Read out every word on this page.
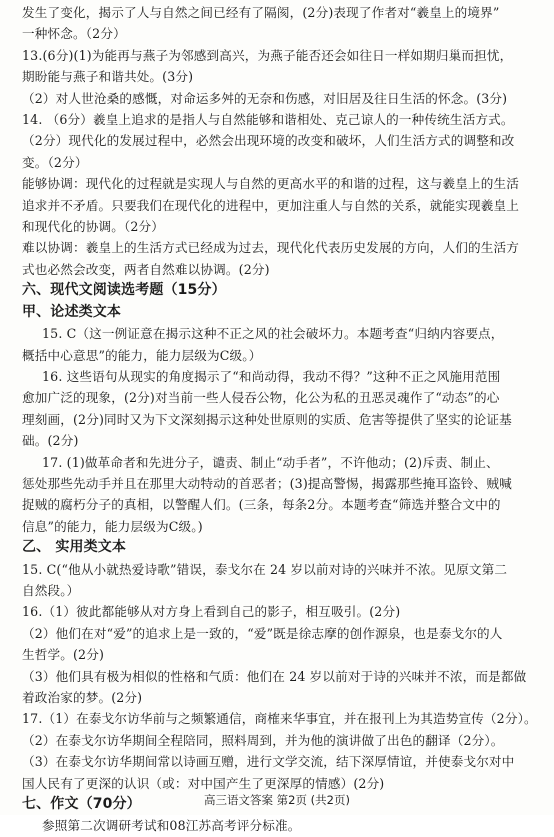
发生了变化，揭示了人与自然之间已经有了隔阂，(2分)表现了作者对“羲皇上的境界”
一种怀念。（2分）
13.(6分)(1)为能再与燕子为邻感到高兴，为燕子能否还会如往日一样如期归巢而担忧，
期盼能与燕子和谐共处。(3分)
（2）对人世沧桑的感慨，对命运多舛的无奈和伤感，对旧居及往日生活的怀念。(3分)
14. （6分）羲皇上追求的是指人与自然能够和谐相处、克己谅人的一种传统生活方式。
（2分）现代化的发展过程中，必然会出现环境的改变和破坏，人们生活方式的调整和改
变。（2分）
能够协调：现代化的过程就是实现人与自然的更高水平的和谐的过程，这与羲皇上的生活
追求并不矛盾。只要我们在现代化的进程中，更加注重人与自然的关系，就能实现羲皇上
和现代化的协调。（2分）
难以协调：羲皇上的生活方式已经成为过去，现代化代表历史发展的方向，人们的生活方
式也必然会改变，两者自然难以协调。(2分)
六、现代文阅读选考题（15分）
甲、论述类文本
15. C（这一例证意在揭示这种不正之风的社会破坏力。本题考查“归纳内容要点，
概括中心意思”的能力，能力层级为C级。）
16. 这些语句从现实的角度揭示了“和尚动得，我动不得？”这种不正之风施用范围
愈加广泛的现象，(2分)对当前一些人侵吞公物，化公为私的丑恶灵魂作了“动态”的心
理刻画，(2分)同时又为下文深刻揭示这种处世原则的实质、危害等提供了坚实的论证基
础。(2分)
17. (1)做革命者和先进分子，谴责、制止“动手者”，不许他动；(2)斥责、制止、
惩处那些先动手并且在那里大动特动的首恶者；(3)提高警惕，揭露那些掩耳盗铃、贼喊
捉贼的腐朽分子的真相，以警醒人们。(三条，每条2分。本题考查“筛选并整合文中的
信息”的能力，能力层级为C级。)
乙、 实用类文本
15. C(“他从小就热爱诗歌”错误，泰戈尔在 24 岁以前对诗的兴味并不浓。见原文第二
自然段。）
16.（1）彼此都能够从对方身上看到自己的影子，相互吸引。(2分)
（2）他们在对“爱”的追求上是一致的，“爱”既是徐志摩的创作源泉，也是泰戈尔的人
生哲学。(2分)
（3）他们具有极为相似的性格和气质：他们在 24 岁以前对于诗的兴味并不浓，而是都做
着政治家的梦。(2分)
17.（1）在泰戈尔访华前与之频繁通信，商榷来华事宜，并在报刊上为其造势宣传（2分）。
（2）在泰戈尔访华期间全程陪同，照料周到，并为他的演讲做了出色的翻译（2分）。
（3）在泰戈尔访华期间常以诗画互赠，进行文学交流，结下深厚情谊，并使泰戈尔对中
国人民有了更深的认识（或：对中国产生了更深厚的情感）(2分)
七、作文（70分）
参照第二次调研考试和08江苏高考评分标准。
高三语文答案 第2页 (共2页)
